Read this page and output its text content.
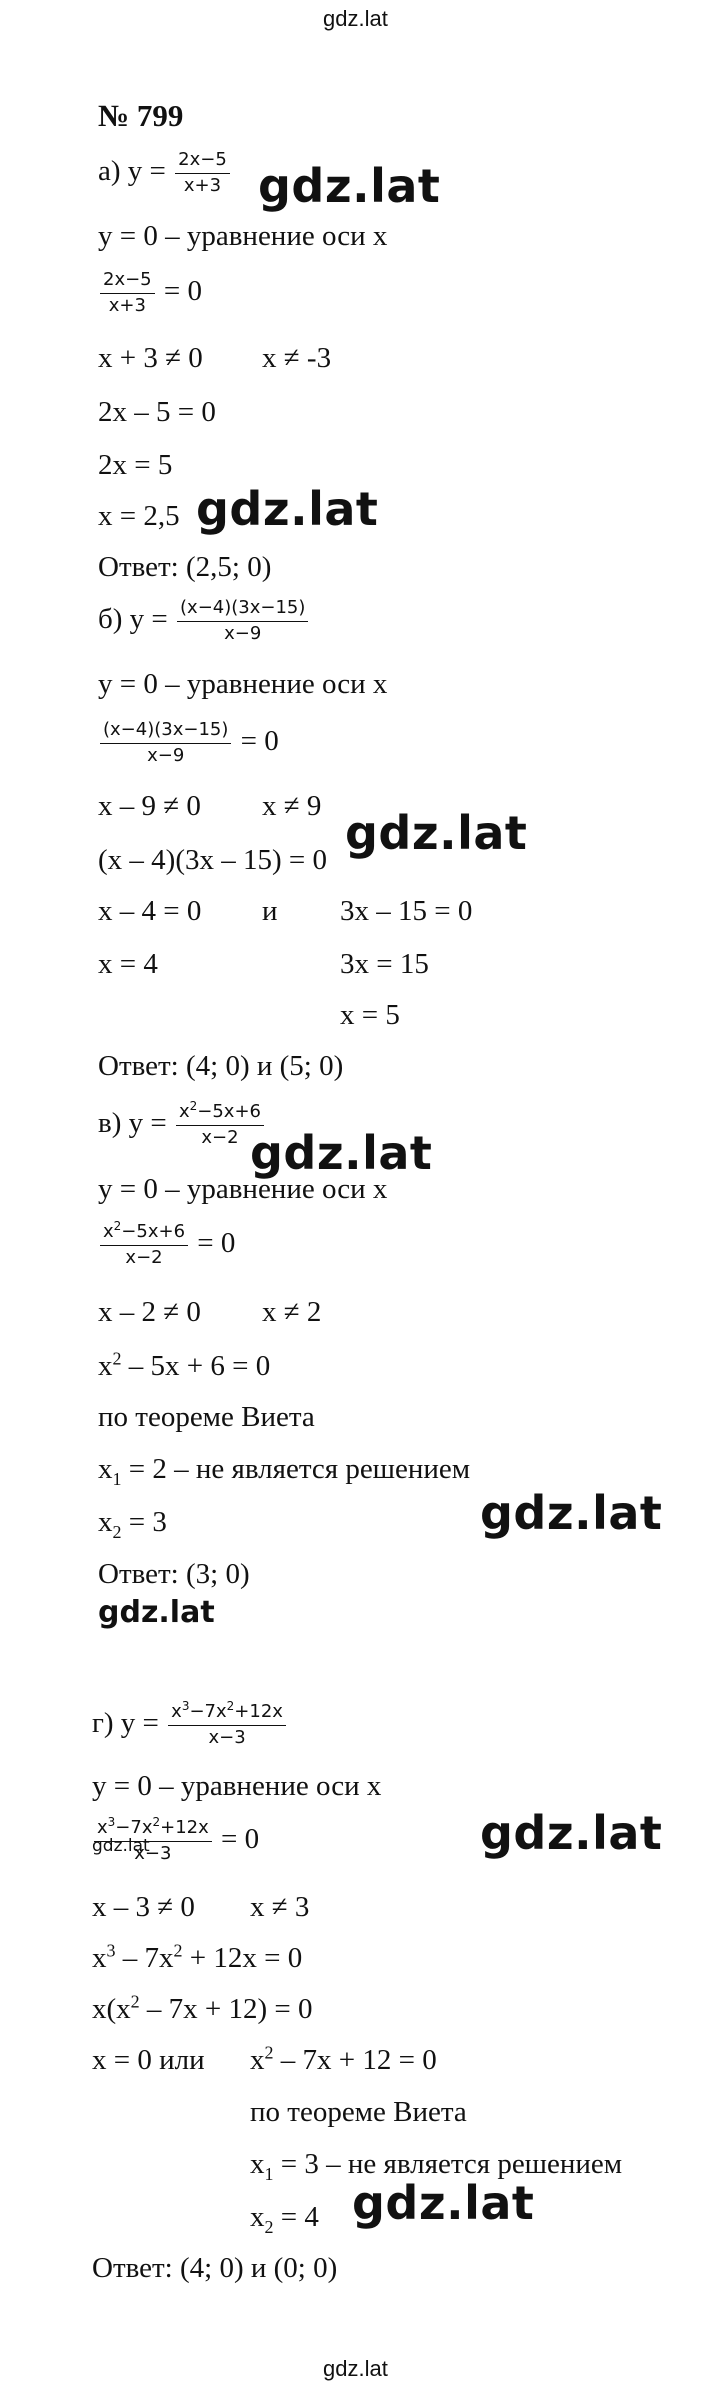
gdz.lat
№ 799
а) $y = \frac{2x-5}{x+3} gdz.lat$
y = 0 – уравнение оси x
$\frac{2x-5}{x+3} = 0$
x + 3 ≠ 0 x ≠ -3
2x – 5 = 0
2x = 5
x = 2,5 gdz.lat
Ответ: (2,5; 0)
б) $y = \frac{(x-4)(3x-15)}{x-9}$
y = 0 – уравнение оси x
$\frac{(x-4)(3x-15)}{x-9} = 0$
x – 9 ≠ 0 x ≠ 9
(x – 4)(3x – 15) = 0 gdz.lat
x – 4 = 0 и 3x – 15 = 0
x = 4	3x = 15
x = 5
Ответ: (4; 0) и (5; 0)
в) $y = \frac{x^2-5x+6}{x-2}$
gdz.lat
y = 0 – уравнение оси x
$\frac{x^2-5x+6}{x-2} = 0$
x – 2 ≠ 0 x ≠ 2
$x^2 - 5x + 6 = 0$
по теореме Виета
$x_1 = 2$ – не является решением
$x_2 = 3$	gdz.lat
Ответ: (3; 0)
gdz.lat
г) $y = \frac{x^3-7x^2+12x}{x-3}$
y = 0 – уравнение оси x
$\frac{x^3-7x^2+12x}{x-3} = 0$
gdz.lat	gdz.lat
x – 3 ≠ 0 x ≠ 3
$x^3 - 7x^2 + 12x = 0$
$x(x^2 - 7x + 12) = 0$
x = 0 или $x^2 - 7x + 12 = 0$
по теореме Виета
$x_1 = 3$ – не является решением
$x_2 = 4$ gdz.lat
Ответ: (4; 0) и (0; 0)
gdz.lat
